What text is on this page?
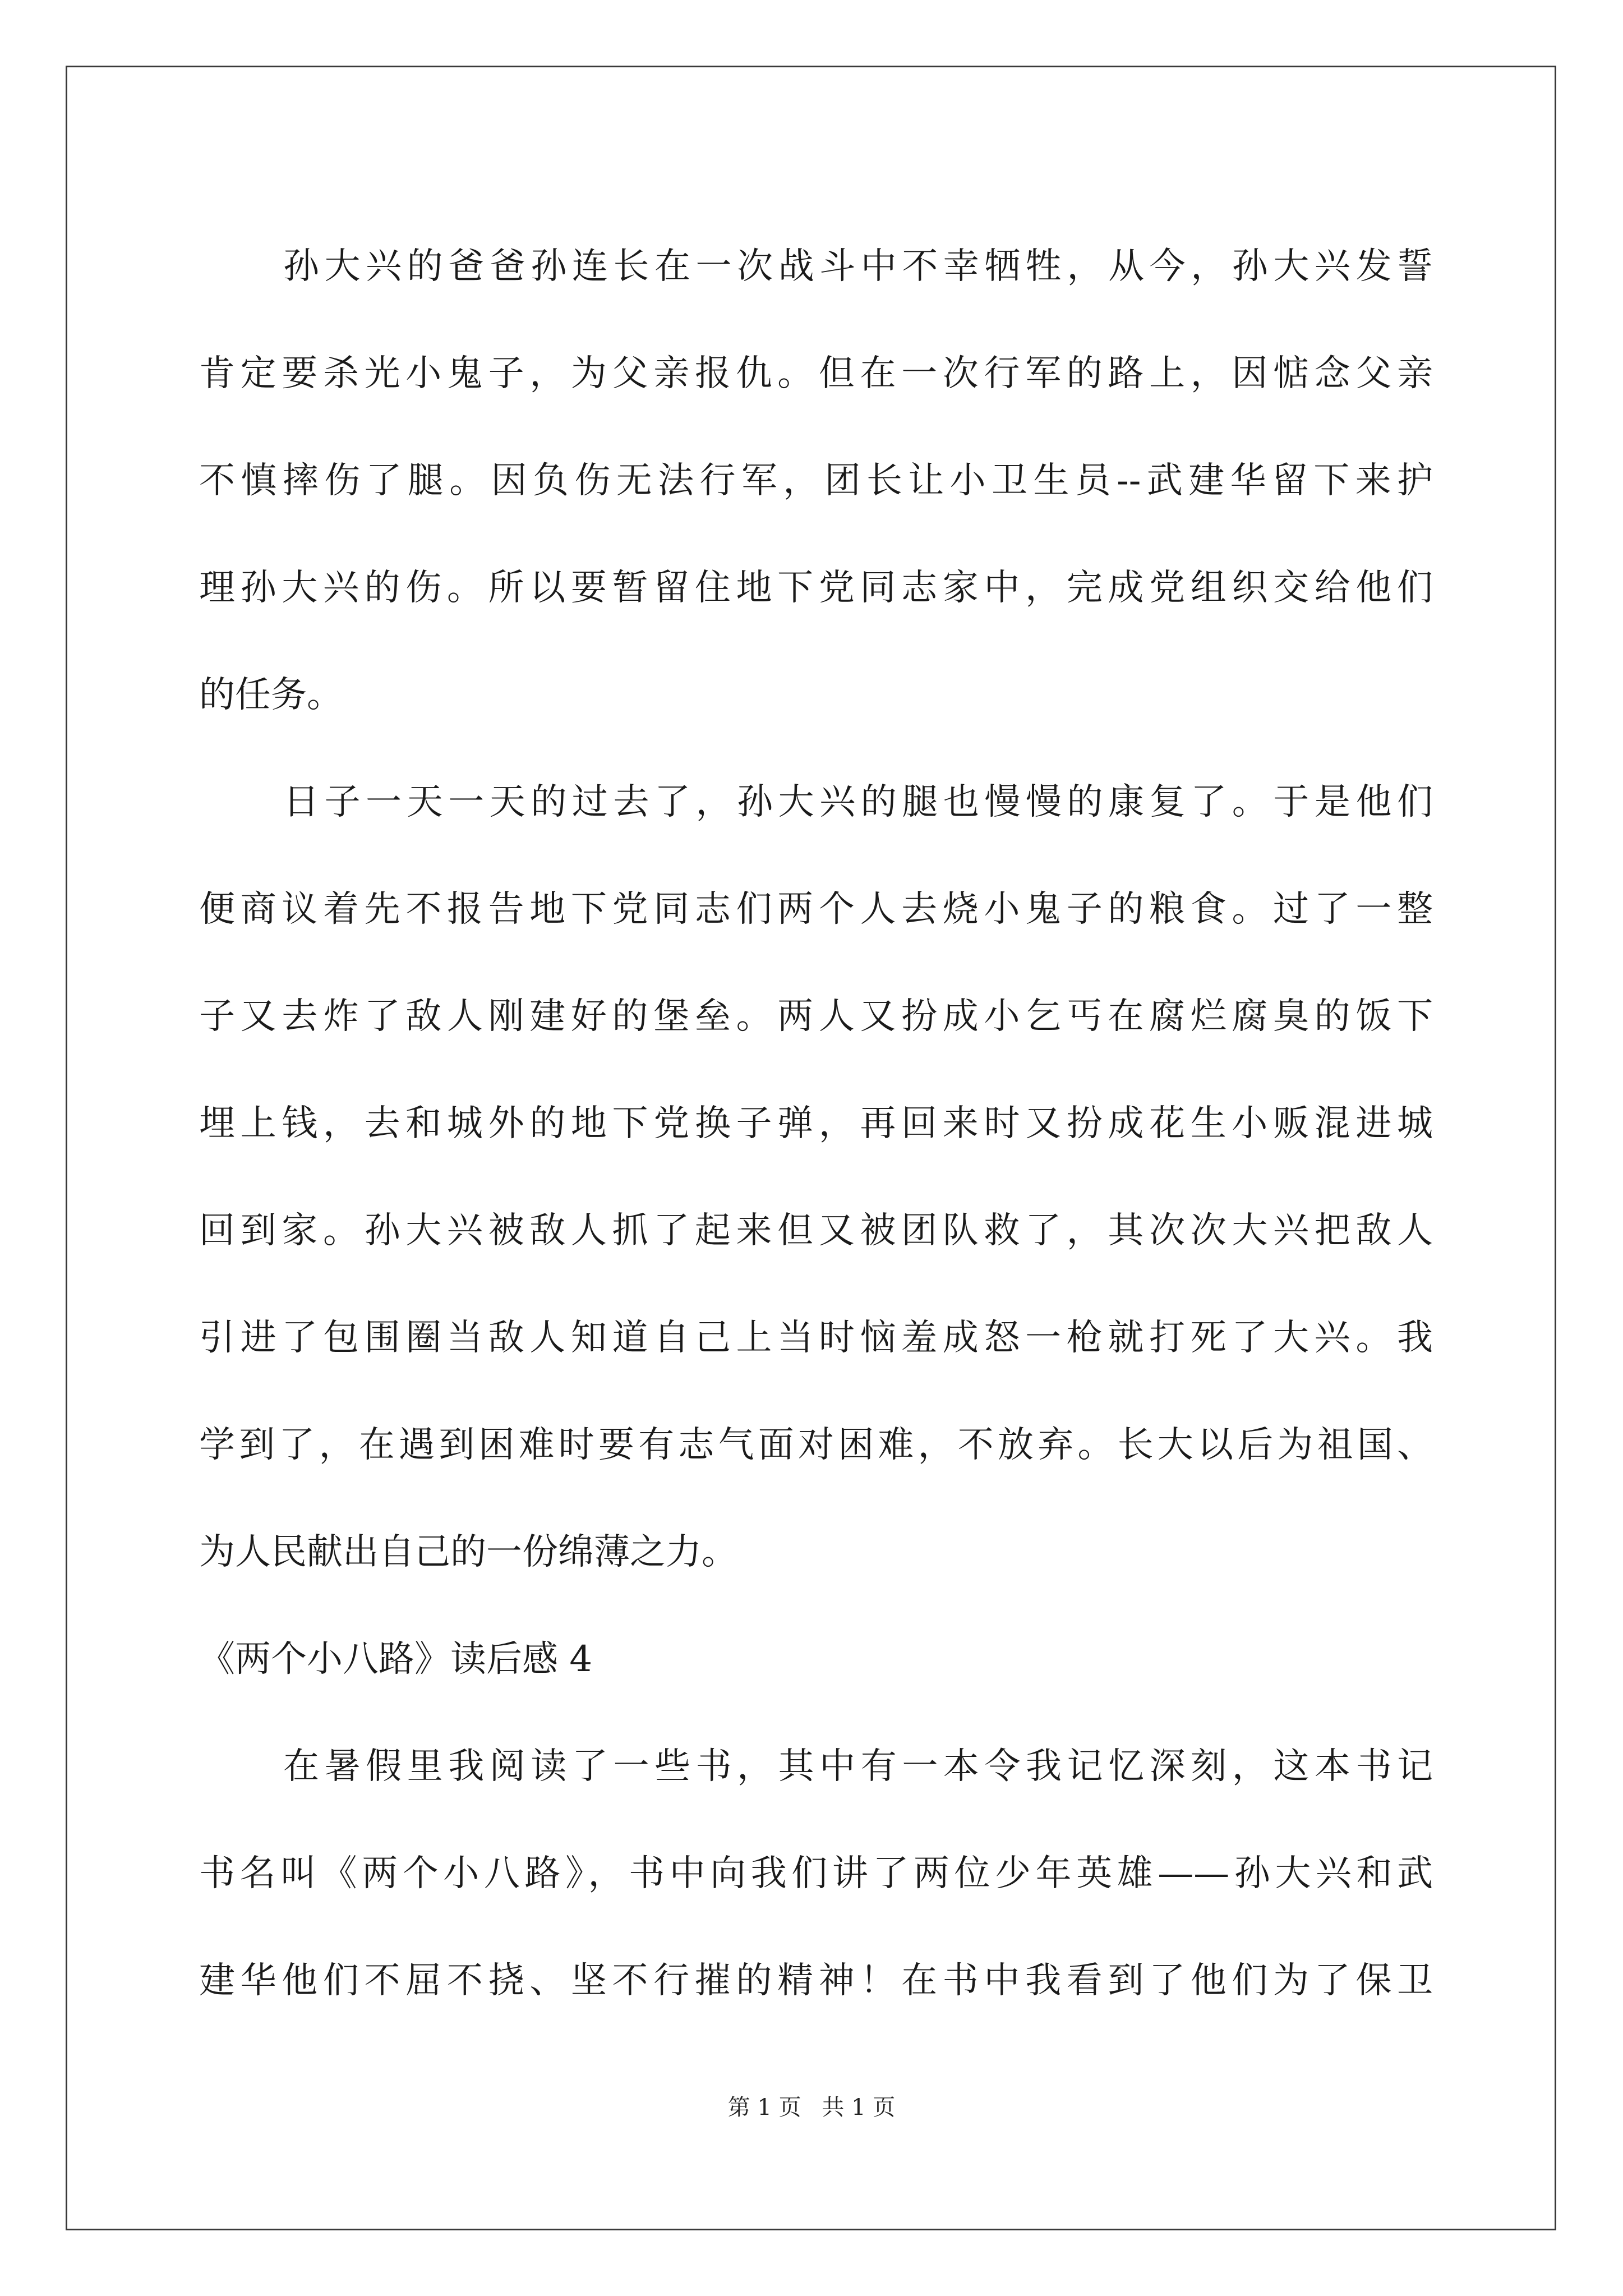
孙大兴的爸爸孙连长在一次战斗中不幸牺牲，从今，孙大兴发誓
肯定要杀光小鬼子，为父亲报仇。但在一次行军的路上，因惦念父亲
不慎摔伤了腿。因负伤无法行军，团长让小卫生员--武建华留下来护
理孙大兴的伤。所以要暂留住地下党同志家中，完成党组织交给他们
的任务。
日子一天一天的过去了，孙大兴的腿也慢慢的康复了。于是他们
便商议着先不报告地下党同志们两个人去烧小鬼子的粮食。过了一整
子又去炸了敌人刚建好的堡垒。两人又扮成小乞丐在腐烂腐臭的饭下
埋上钱，去和城外的地下党换子弹，再回来时又扮成花生小贩混进城
回到家。孙大兴被敌人抓了起来但又被团队救了，其次次大兴把敌人
引进了包围圈当敌人知道自己上当时恼羞成怒一枪就打死了大兴。我
学到了，在遇到困难时要有志气面对困难，不放弃。长大以后为祖国、
为人民献出自己的一份绵薄之力。
《两个小八路》读后感 4
在暑假里我阅读了一些书，其中有一本令我记忆深刻，这本书记
书名叫《两个小八路》，书中向我们讲了两位少年英雄——孙大兴和武
建华他们不屈不挠、坚不行摧的精神！在书中我看到了他们为了保卫
第 1 页 共 1 页
